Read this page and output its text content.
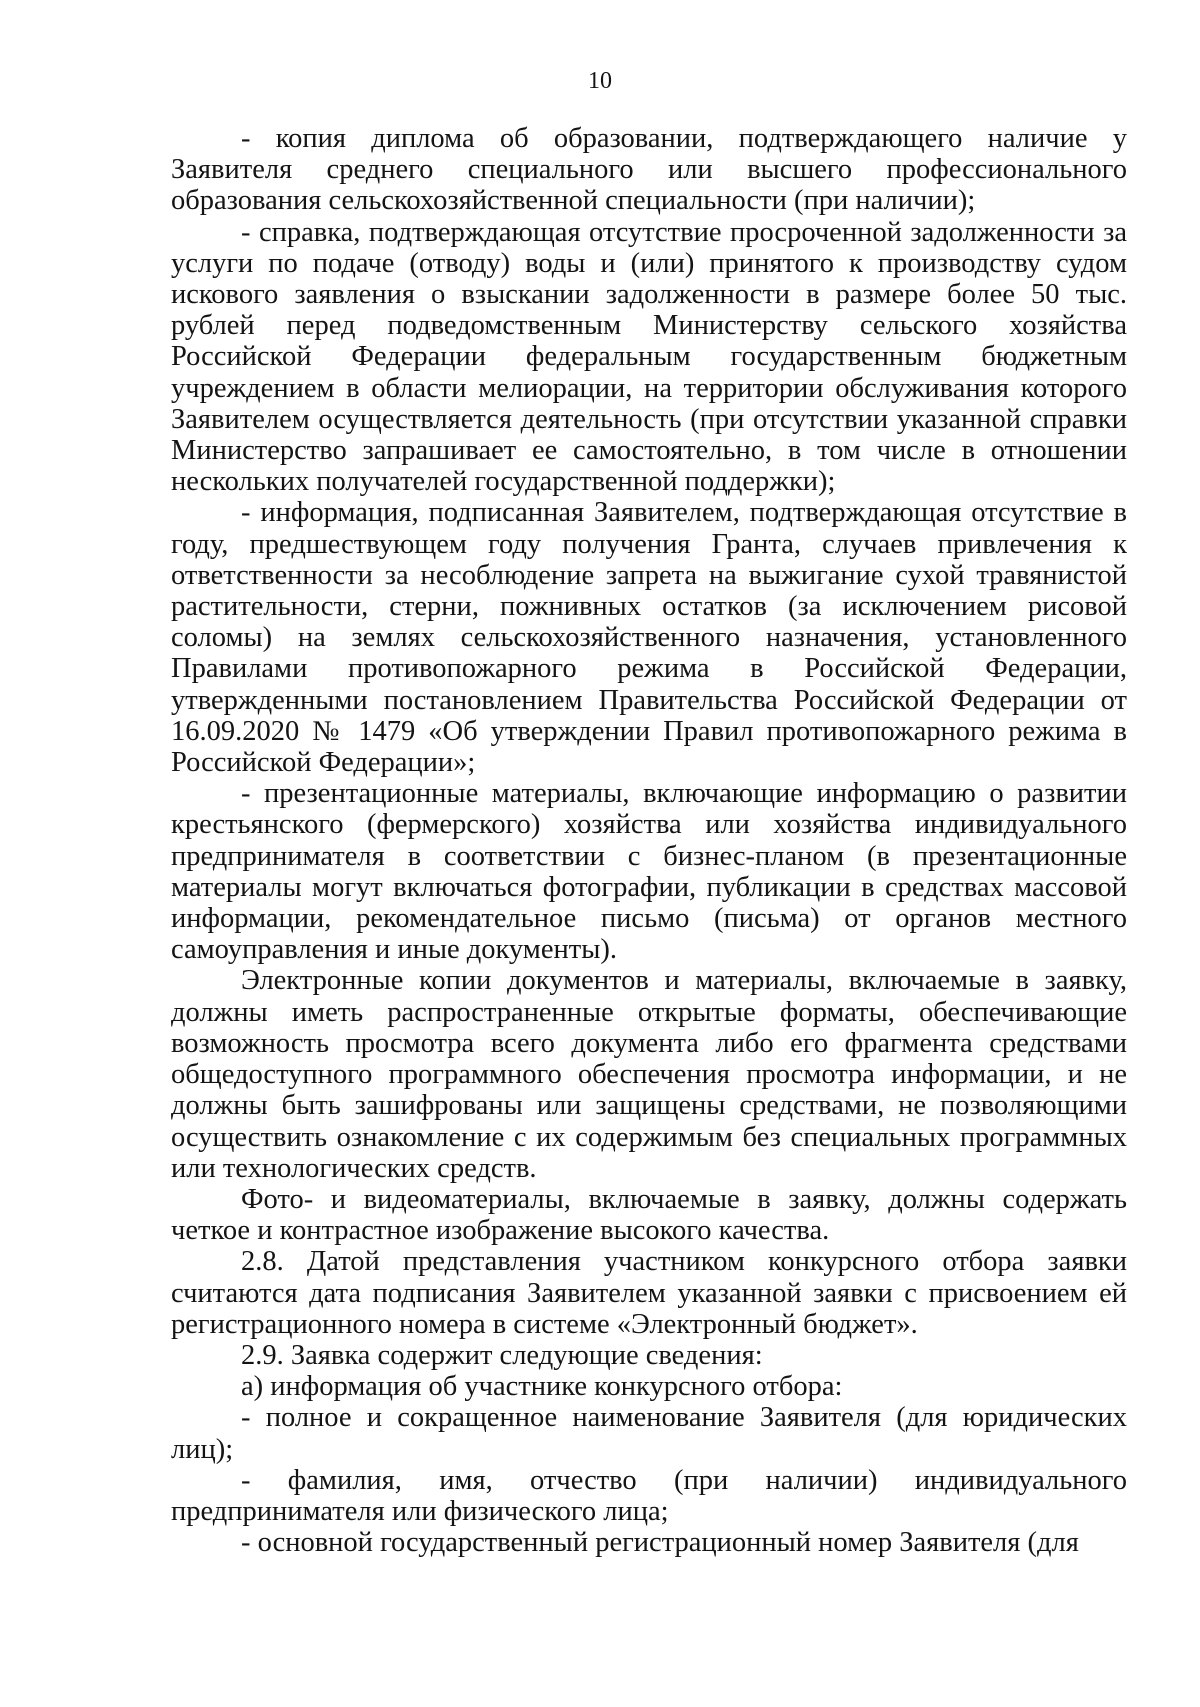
10

- копия диплома об образовании, подтверждающего наличие у Заявителя среднего специального или высшего профессионального образования сельскохозяйственной специальности (при наличии);

- справка, подтверждающая отсутствие просроченной задолженности за услуги по подаче (отводу) воды и (или) принятого к производству судом искового заявления о взыскании задолженности в размере более 50 тыс. рублей перед подведомственным Министерству сельского хозяйства Российской Федерации федеральным государственным бюджетным учреждением в области мелиорации, на территории обслуживания которого Заявителем осуществляется деятельность (при отсутствии указанной справки Министерство запрашивает ее самостоятельно, в том числе в отношении нескольких получателей государственной поддержки);

- информация, подписанная Заявителем, подтверждающая отсутствие в году, предшествующем году получения Гранта, случаев привлечения к ответственности за несоблюдение запрета на выжигание сухой травянистой растительности, стерни, пожнивных остатков (за исключением рисовой соломы) на землях сельскохозяйственного назначения, установленного Правилами противопожарного режима в Российской Федерации, утвержденными постановлением Правительства Российской Федерации от 16.09.2020 № 1479 «Об утверждении Правил противопожарного режима в Российской Федерации»;

- презентационные материалы, включающие информацию о развитии крестьянского (фермерского) хозяйства или хозяйства индивидуального предпринимателя в соответствии с бизнес-планом (в презентационные материалы могут включаться фотографии, публикации в средствах массовой информации, рекомендательное письмо (письма) от органов местного самоуправления и иные документы).

Электронные копии документов и материалы, включаемые в заявку, должны иметь распространенные открытые форматы, обеспечивающие возможность просмотра всего документа либо его фрагмента средствами общедоступного программного обеспечения просмотра информации, и не должны быть зашифрованы или защищены средствами, не позволяющими осуществить ознакомление с их содержимым без специальных программных или технологических средств.

Фото- и видеоматериалы, включаемые в заявку, должны содержать четкое и контрастное изображение высокого качества.

2.8. Датой представления участником конкурсного отбора заявки считаются дата подписания Заявителем указанной заявки с присвоением ей регистрационного номера в системе «Электронный бюджет».

2.9. Заявка содержит следующие сведения:

а) информация об участнике конкурсного отбора:

- полное и сокращенное наименование Заявителя (для юридических лиц);

- фамилия, имя, отчество (при наличии) индивидуального предпринимателя или физического лица;

- основной государственный регистрационный номер Заявителя (для
